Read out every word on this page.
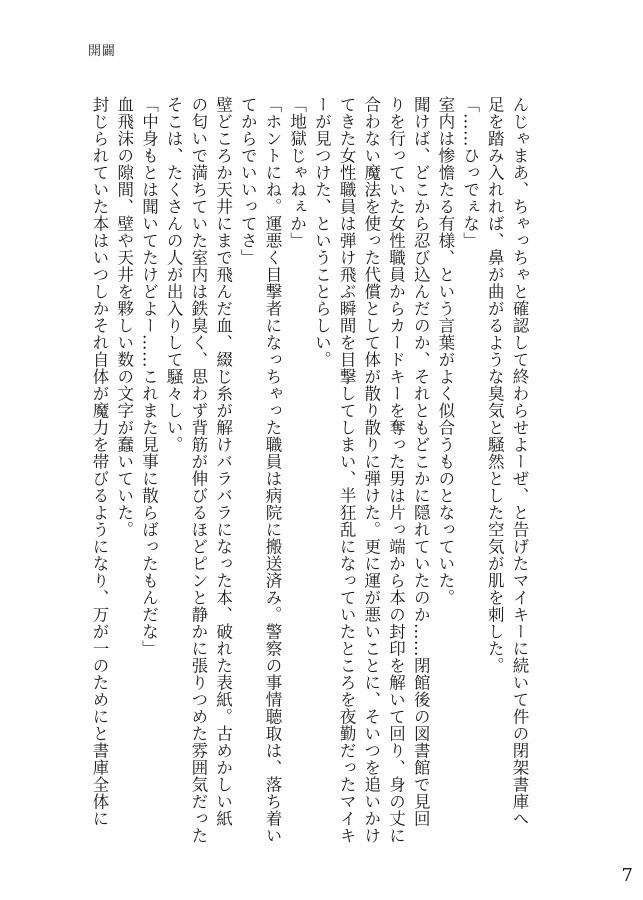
開闢

んじゃまあ、ちゃっちゃと確認して終わらせよーぜ、と告げたマイキーに続いて件の閉架書庫へ

足を踏み入れれば、鼻が曲がるような臭気と騒然とした空気が肌を刺した。

「……ひっでぇな」

室内は惨憺たる有様、という言葉がよく似合うものとなっていた。

聞けば、どこから忍び込んだのか、それともどこかに隠れていたのか……閉館後の図書館で見回

りを行っていた女性職員からカードキーを奪った男は片っ端から本の封印を解いて回り、身の丈に

合わない魔法を使った代償として体が散り散りに弾けた。更に運が悪いことに、そいつを追いかけ

てきた女性職員は弾け飛ぶ瞬間を目撃してしまい、半狂乱になっていたところを夜勤だったマイキ

ーが見つけた、ということらしい。

「地獄じゃねぇか」

「ホントにね。運悪く目撃者になっちゃった職員は病院に搬送済み。警察の事情聴取は、落ち着い

てからでいいってさ」

壁どころか天井にまで飛んだ血、綴じ糸が解けバラバラになった本、破れた表紙。古めかしい紙

の匂いで満ちていた室内は鉄臭く、思わず背筋が伸びるほどピンと静かに張りつめた雰囲気だった

そこは、たくさんの人が出入りして騒々しい。

「中身もとは聞いてたけどよー……これまた見事に散らばったもんだな」

血飛沫の隙間、壁や天井を夥しい数の文字が蠢いていた。

封じられていた本はいつしかそれ自体が魔力を帯びるようになり、万が一のためにと書庫全体に

7
